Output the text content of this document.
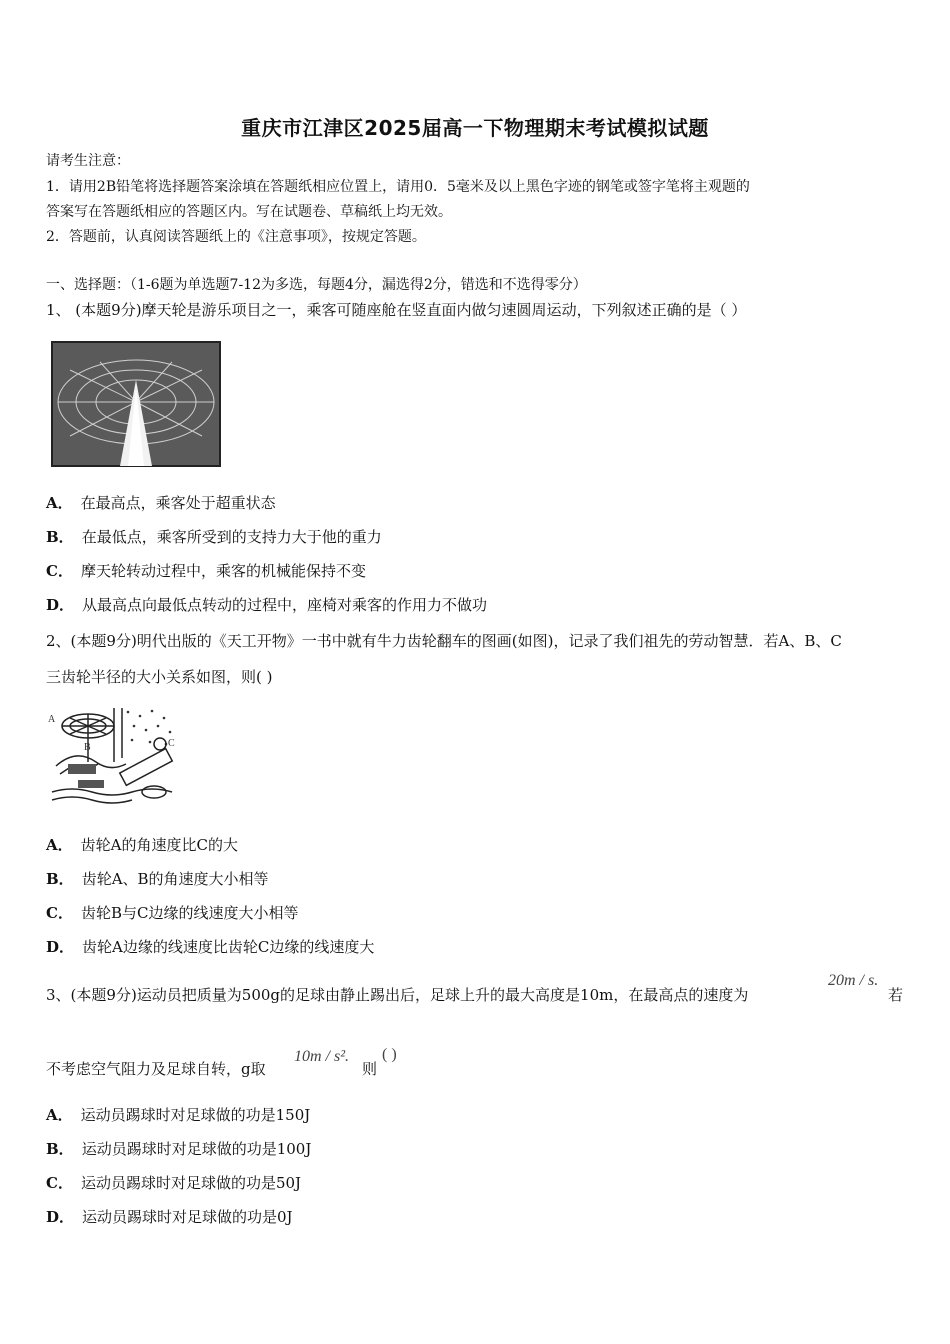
重庆市江津区2025届高一下物理期末考试模拟试题
请考生注意：
1．请用2B铅笔将选择题答案涂填在答题纸相应位置上，请用0．5毫米及以上黑色字迹的钢笔或签字笔将主观题的
答案写在答题纸相应的答题区内。写在试题卷、草稿纸上均无效。
2．答题前，认真阅读答题纸上的《注意事项》，按规定答题。
一、选择题：（1-6题为单选题7-12为多选，每题4分，漏选得2分，错选和不选得零分）
1、 (本题9分)摩天轮是游乐项目之一，乘客可随座舱在竖直面内做匀速圆周运动，下列叙述正确的是（ ）
A． 在最高点，乘客处于超重状态
B． 在最低点，乘客所受到的支持力大于他的重力
C． 摩天轮转动过程中，乘客的机械能保持不变
D． 从最高点向最低点转动的过程中，座椅对乘客的作用力不做功
2、(本题9分)明代出版的《天工开物》一书中就有牛力齿轮翻车的图画(如图)，记录了我们祖先的劳动智慧．若A、B、C
三齿轮半径的大小关系如图，则( )
A
B	C
A． 齿轮A的角速度比C的大
B． 齿轮A、B的角速度大小相等
C． 齿轮B与C边缘的线速度大小相等
D． 齿轮A边缘的线速度比齿轮C边缘的线速度大
3、(本题9分)运动员把质量为500g的足球由静止踢出后，足球上升的最大高度是10m，在最高点的速度为
20m / s.
若
不考虑空气阻力及足球自转，g取
10m / s².
则
( )
A． 运动员踢球时对足球做的功是150J
B． 运动员踢球时对足球做的功是100J
C． 运动员踢球时对足球做的功是50J
D． 运动员踢球时对足球做的功是0J
